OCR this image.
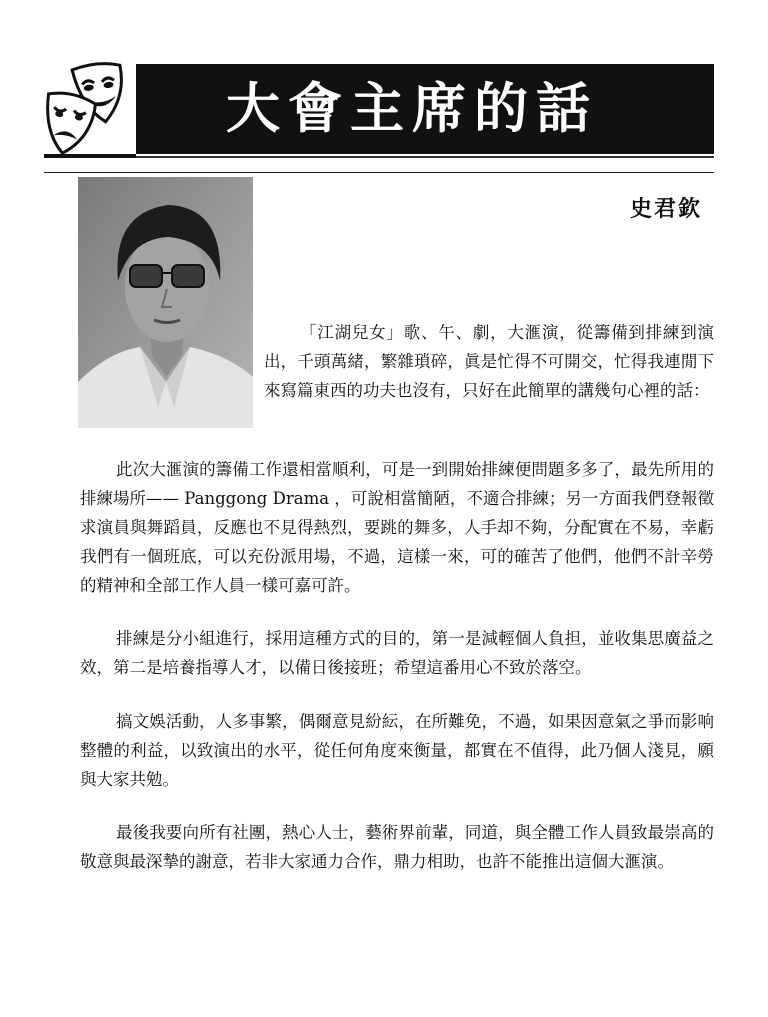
大會主席的話
史君欽

「江湖兒女」歌、午、劇，大滙演，從籌備到排練到演出，千頭萬緒，繁雜瑣碎，眞是忙得不可開交，忙得我連閒下來寫篇東西的功夫也沒有，只好在此簡單的講幾句心裡的話：

此次大滙演的籌備工作還相當順利，可是一到開始排練便問題多多了，最先所用的排練場所—— Panggong Drama ，可說相當簡陋，不適合排練；另一方面我們登報徵求演員與舞蹈員，反應也不見得熱烈，要跳的舞多，人手却不夠，分配實在不易，幸虧我們有一個班底，可以充份派用場，不過，這樣一來，可的確苦了他們，他們不計辛勞的精神和全部工作人員一樣可嘉可許。

排練是分小組進行，採用這種方式的目的，第一是減輕個人負担，並收集思廣益之效，第二是培養指導人才，以備日後接班；希望這番用心不致於落空。

搞文娛活動，人多事繁，偶爾意見紛紜，在所難免，不過，如果因意氣之爭而影响整體的利益，以致演出的水平，從任何角度來衡量，都實在不值得，此乃個人淺見，願與大家共勉。

最後我要向所有社團，熱心人士，藝術界前輩，同道，與全體工作人員致最崇高的敬意與最深摯的謝意，若非大家通力合作，鼎力相助，也許不能推出這個大滙演。
